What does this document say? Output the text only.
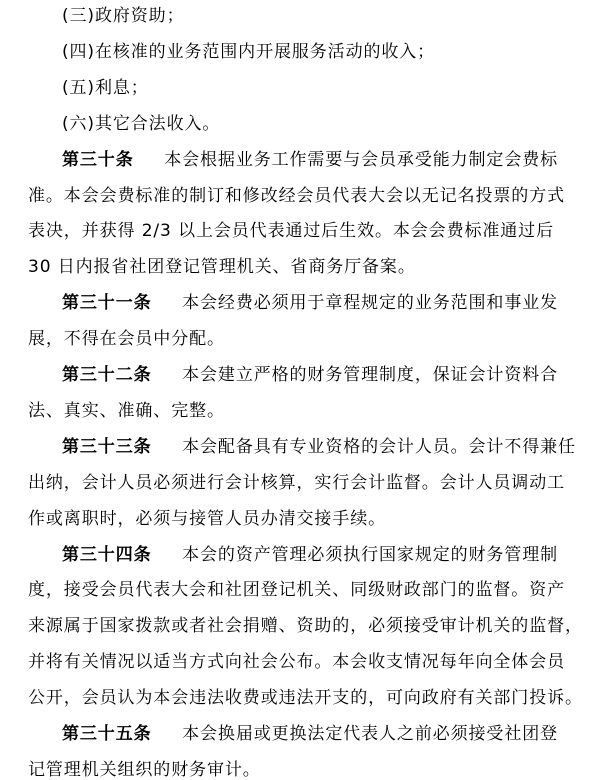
(三)政府资助；
(四)在核准的业务范围内开展服务活动的收入；
(五)利息；
(六)其它合法收入。
第三十条 本会根据业务工作需要与会员承受能力制定会费标
准。本会会费标准的制订和修改经会员代表大会以无记名投票的方式
表决，并获得 2/3 以上会员代表通过后生效。本会会费标准通过后
30 日内报省社团登记管理机关、省商务厅备案。
第三十一条 本会经费必须用于章程规定的业务范围和事业发
展，不得在会员中分配。
第三十二条 本会建立严格的财务管理制度，保证会计资料合
法、真实、准确、完整。
第三十三条 本会配备具有专业资格的会计人员。会计不得兼任
出纳，会计人员必须进行会计核算，实行会计监督。会计人员调动工
作或离职时，必须与接管人员办清交接手续。
第三十四条 本会的资产管理必须执行国家规定的财务管理制
度，接受会员代表大会和社团登记机关、同级财政部门的监督。资产
来源属于国家拨款或者社会捐赠、资助的，必须接受审计机关的监督，
并将有关情况以适当方式向社会公布。本会收支情况每年向全体会员
公开，会员认为本会违法收费或违法开支的，可向政府有关部门投诉。
第三十五条 本会换届或更换法定代表人之前必须接受社团登
记管理机关组织的财务审计。
